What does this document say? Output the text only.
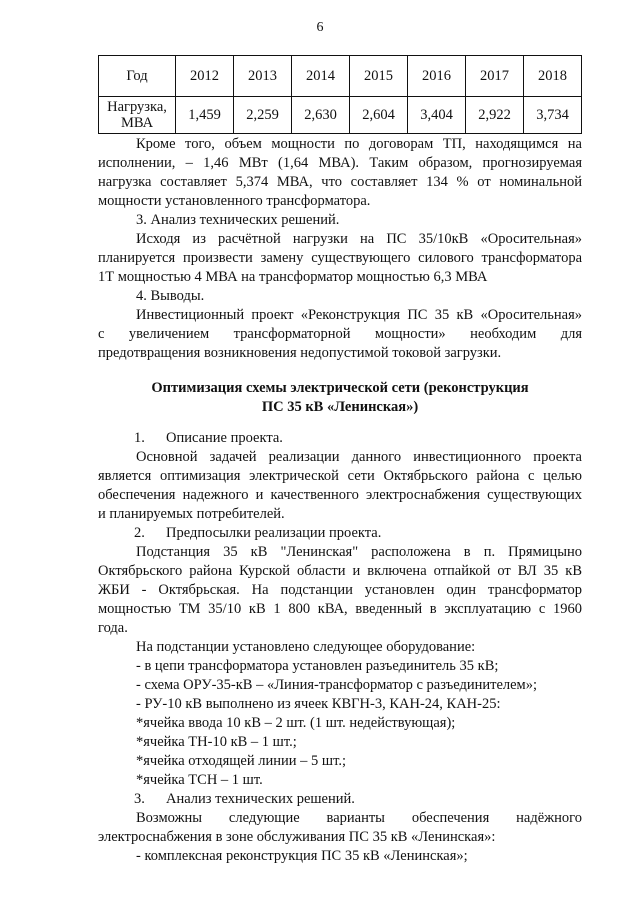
6
Год	2012	2013	2014	2015	2016	2017	2018
Нагрузка, МВА	1,459	2,259	2,630	2,604	3,404	2,922	3,734

Кроме того, объем мощности по договорам ТП, находящимся на

исполнении, – 1,46 МВт (1,64 МВА). Таким образом, прогнозируемая

нагрузка составляет 5,374 МВА, что составляет 134 % от номинальной

мощности установленного трансформатора.

3. Анализ технических решений.

Исходя из расчётной нагрузки на ПС 35/10кВ «Оросительная»

планируется произвести замену существующего силового трансформатора

1Т мощностью 4 МВА на трансформатор мощностью 6,3 МВА

4. Выводы.

Инвестиционный проект «Реконструкция ПС 35 кВ «Оросительная»

с увеличением трансформаторной мощности» необходим для

предотвращения возникновения недопустимой токовой загрузки.

Оптимизация схемы электрической сети (реконструкция

ПС 35 кВ «Ленинская»)

1. Описание проекта.

Основной задачей реализации данного инвестиционного проекта

является оптимизация электрической сети Октябрьского района с целью

обеспечения надежного и качественного электроснабжения существующих

и планируемых потребителей.

2. Предпосылки реализации проекта.

Подстанция 35 кВ "Ленинская" расположена в п. Прямицыно

Октябрьского района Курской области и включена отпайкой от ВЛ 35 кВ

ЖБИ - Октябрьская. На подстанции установлен один трансформатор

мощностью ТМ 35/10 кВ 1 800 кВА, введенный в эксплуатацию с 1960

года.

На подстанции установлено следующее оборудование:

- в цепи трансформатора установлен разъединитель 35 кВ;

- схема ОРУ-35-кВ – «Линия-трансформатор с разъединителем»;

- РУ-10 кВ выполнено из ячеек КВГН-3, КАН-24, КАН-25:

*ячейка ввода 10 кВ – 2 шт. (1 шт. недействующая);

*ячейка ТН-10 кВ – 1 шт.;

*ячейка отходящей линии – 5 шт.;

*ячейка ТСН – 1 шт.

3. Анализ технических решений.

Возможны следующие варианты обеспечения надёжного

электроснабжения в зоне обслуживания ПС 35 кВ «Ленинская»:

- комплексная реконструкция ПС 35 кВ «Ленинская»;
